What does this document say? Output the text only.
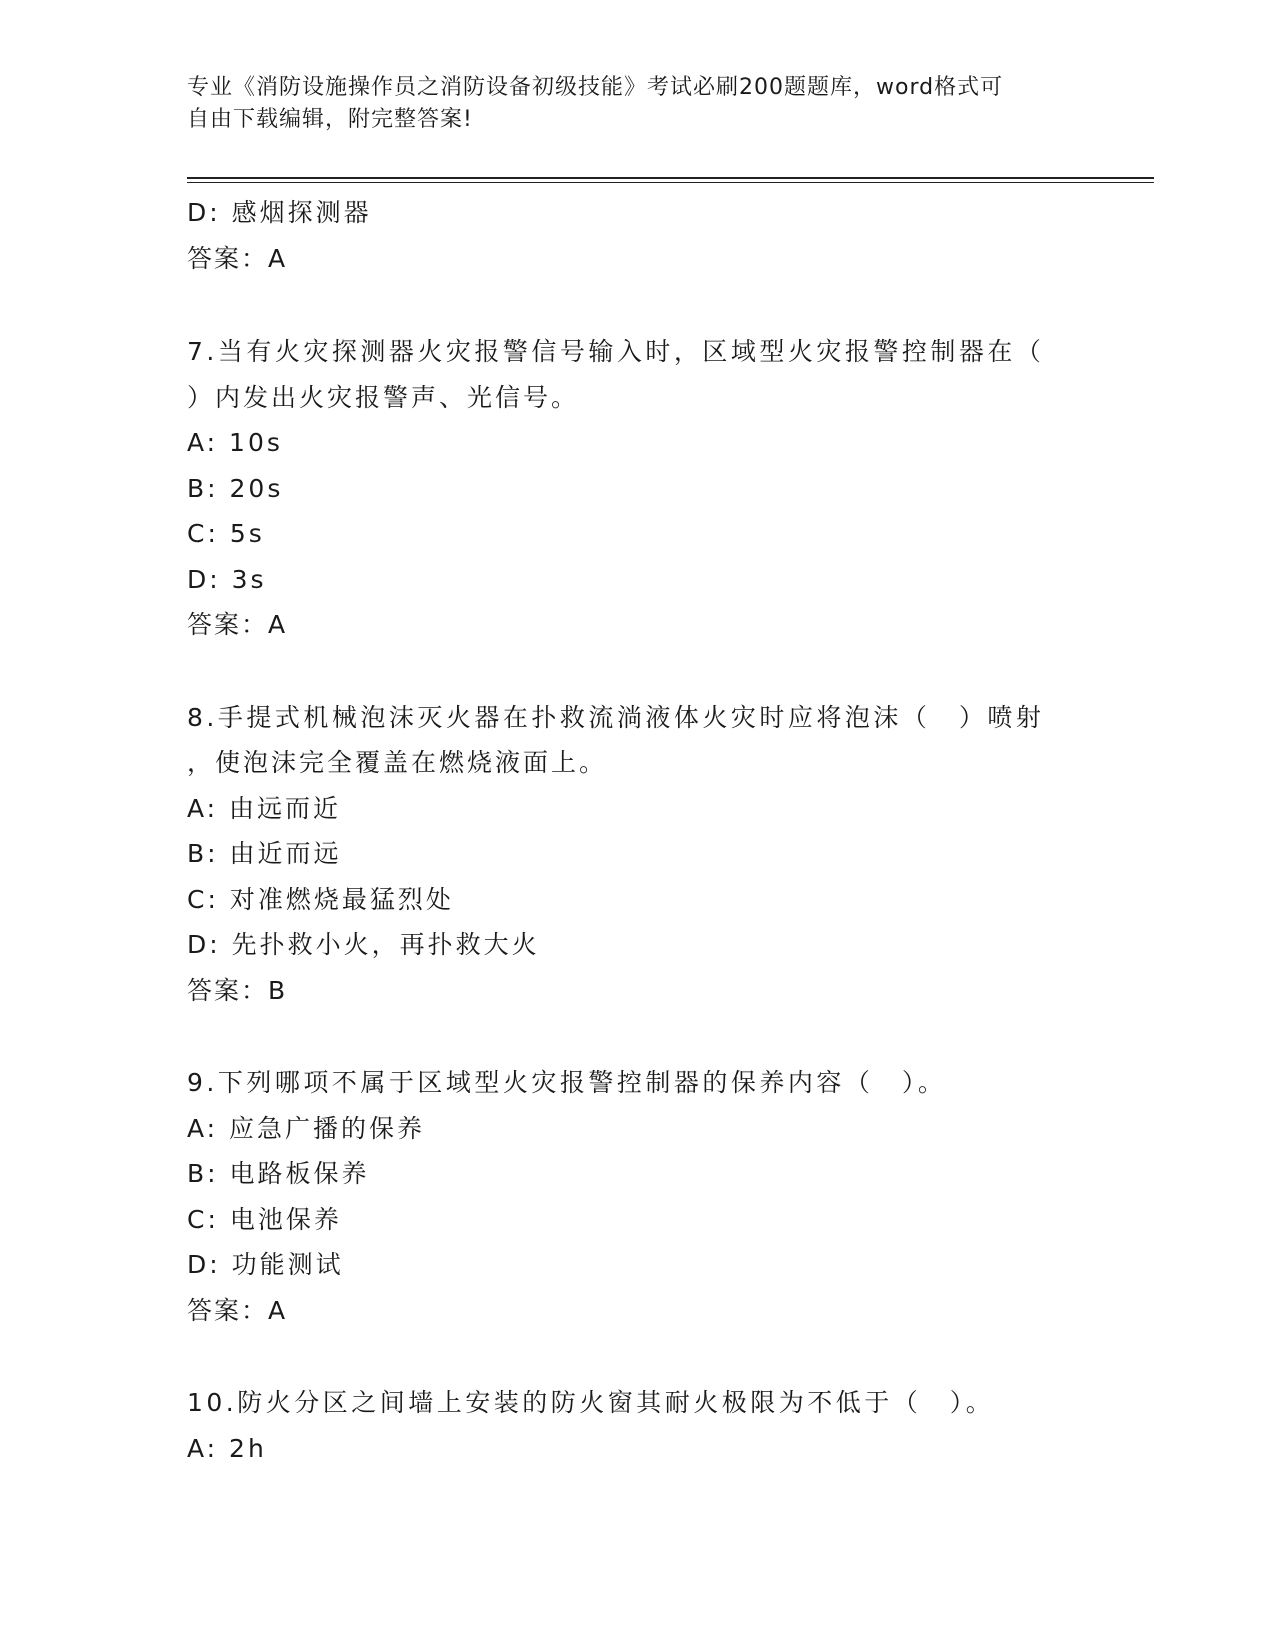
专业《消防设施操作员之消防设备初级技能》考试必刷200题题库，word格式可
自由下载编辑，附完整答案!
D: 感烟探测器
答案：A
7.当有火灾探测器火灾报警信号输入时，区域型火灾报警控制器在（
）内发出火灾报警声、光信号。
A: 10s
B: 20s
C: 5s
D: 3s
答案：A
8.手提式机械泡沫灭火器在扑救流淌液体火灾时应将泡沫（　）喷射
，使泡沫完全覆盖在燃烧液面上。
A: 由远而近
B: 由近而远
C: 对准燃烧最猛烈处
D: 先扑救小火，再扑救大火
答案：B
9.下列哪项不属于区域型火灾报警控制器的保养内容（　）。
A: 应急广播的保养
B: 电路板保养
C: 电池保养
D: 功能测试
答案：A
10.防火分区之间墙上安装的防火窗其耐火极限为不低于（　）。
A: 2h
